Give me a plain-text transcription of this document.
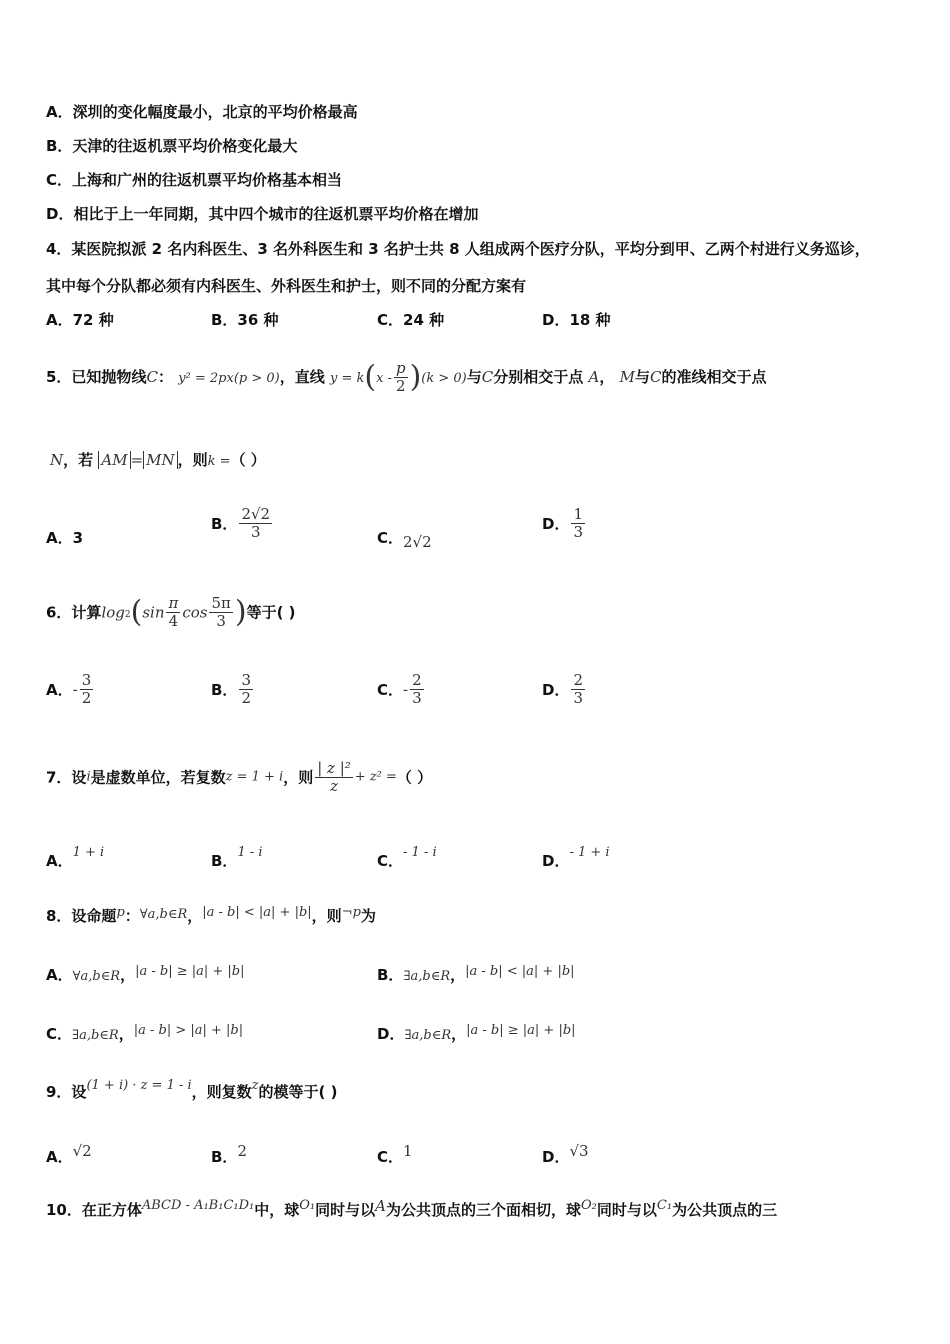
A．深圳的变化幅度最小，北京的平均价格最高
B．天津的往返机票平均价格变化最大
C．上海和广州的往返机票平均价格基本相当
D．相比于上一年同期，其中四个城市的往返机票平均价格在增加
4．某医院拟派 2 名内科医生、3 名外科医生和 3 名护士共 8 人组成两个医疗分队，平均分到甲、乙两个村进行义务巡诊，
其中每个分队都必须有内科医生、外科医生和护士，则不同的分配方案有
A．72 种	B．36 种	C．24 种	D．18 种
5．已知抛物线C： y² = 2px(p > 0)，直线 $y = k(x - \frac{p}{2} )(k > 0)$与C分别相交于点 A， M与C的准线相交于点
N，若 AM = MN ，则k =（ ）
A．3
B． $\frac{2√2}{3}$	C．2√2
D． $\frac{1}{3}$
6．计算$\log 2(\sin \frac{\pi}{4}$ $\cos \frac{5\pi}{3}$ )等于( )
A．- $\frac{3}{2}$	B． $\frac{3}{2}$	C．- $\frac{2}{3}$	D． $\frac{2}{3}$
7．设i是虚数单位，若复数z = 1 + i，则 $\frac{\text{| z |²}}{z} + z^2$ =（ ）
A．1 + i	B．1 - i	C．- 1 - i	D．- 1 + i
8．设命题p：∀a,b∈R，|a - b| < |a| + |b|，则¬p为
A．∀a,b∈R，|a - b| ≥ |a| + |b|	B．∃a,b∈R，|a - b| < |a| + |b|
C．∃a,b∈R，|a - b| > |a| + |b|	D．∃a,b∈R，|a - b| ≥ |a| + |b|
9．设(1 + i) · z = 1 - i，则复数z的模等于( )
A．√2	B．2	C．1	D．√3
10．在正方体ABCD - A₁B₁C₁D₁中，球O₁同时与以A为公共顶点的三个面相切，球O₂同时与以C₁为公共顶点的三
